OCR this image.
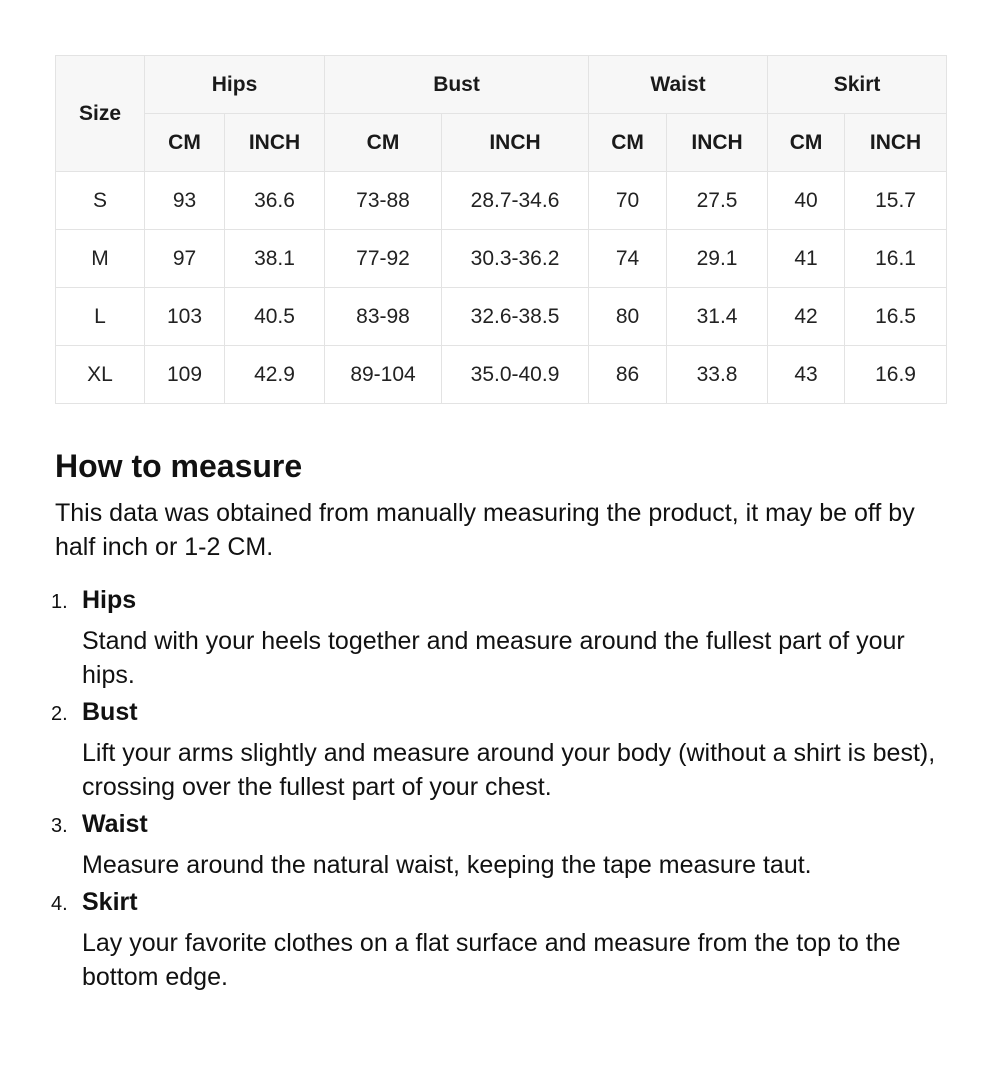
Size	Hips		Bust		Waist		Skirt	
	CM	INCH	CM	INCH	CM	INCH	CM	INCH
S	93	36.6	73-88	28.7-34.6	70	27.5	40	15.7
M	97	38.1	77-92	30.3-36.2	74	29.1	41	16.1
L	103	40.5	83-98	32.6-38.5	80	31.4	42	16.5
XL	109	42.9	89-104	35.0-40.9	86	33.8	43	16.9
How to measure

This data was obtained from manually measuring the product, it may be off by half inch or 1-2 CM.

1. Hips

Stand with your heels together and measure around the fullest part of your hips.

2. Bust

Lift your arms slightly and measure around your body (without a shirt is best), crossing over the fullest part of your chest.

3. Waist

Measure around the natural waist, keeping the tape measure taut.

4. Skirt

Lay your favorite clothes on a flat surface and measure from the top to the bottom edge.
